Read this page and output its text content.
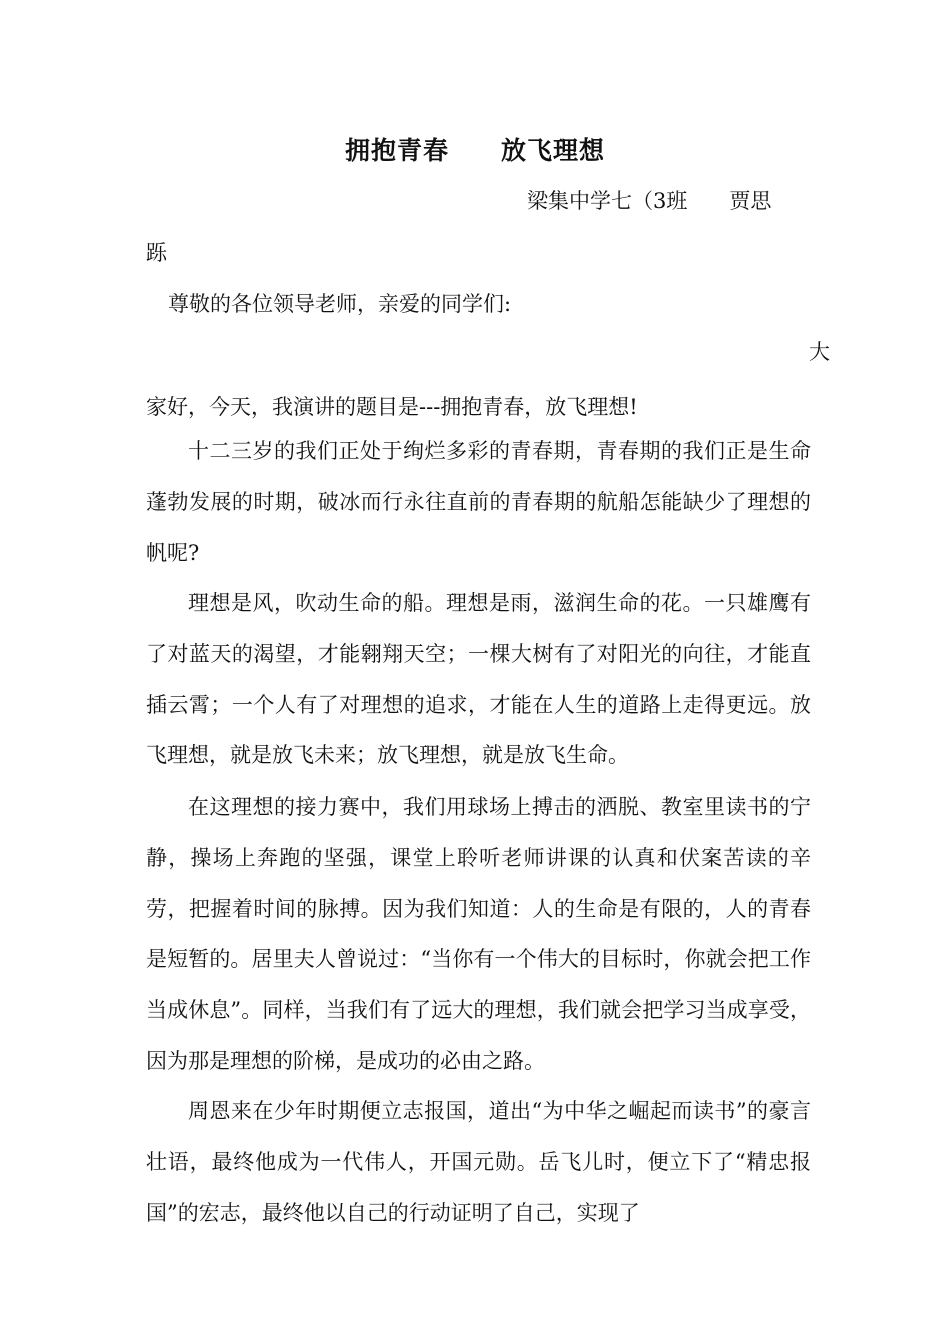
拥抱青春　　放飞理想
梁集中学七（3班　　贾思
跞
尊敬的各位领导老师，亲爱的同学们:
大

家好，今天，我演讲的题目是---拥抱青春，放飞理想!

十二三岁的我们正处于绚烂多彩的青春期，青春期的我们正是生命蓬勃发展的时期，破冰而行永往直前的青春期的航船怎能缺少了理想的帆呢?

理想是风，吹动生命的船。理想是雨，滋润生命的花。一只雄鹰有了对蓝天的渴望，才能翱翔天空；一棵大树有了对阳光的向往，才能直插云霄；一个人有了对理想的追求，才能在人生的道路上走得更远。放飞理想，就是放飞未来；放飞理想，就是放飞生命。

在这理想的接力赛中，我们用球场上搏击的洒脱、教室里读书的宁静，操场上奔跑的坚强，课堂上聆听老师讲课的认真和伏案苦读的辛劳，把握着时间的脉搏。因为我们知道：人的生命是有限的，人的青春是短暂的。居里夫人曾说过：“当你有一个伟大的目标时，你就会把工作当成休息”。同样，当我们有了远大的理想，我们就会把学习当成享受，因为那是理想的阶梯，是成功的必由之路。

周恩来在少年时期便立志报国，道出“为中华之崛起而读书”的豪言壮语，最终他成为一代伟人，开国元勋。岳飞儿时，便立下了“精忠报国”的宏志，最终他以自己的行动证明了自己，实现了
